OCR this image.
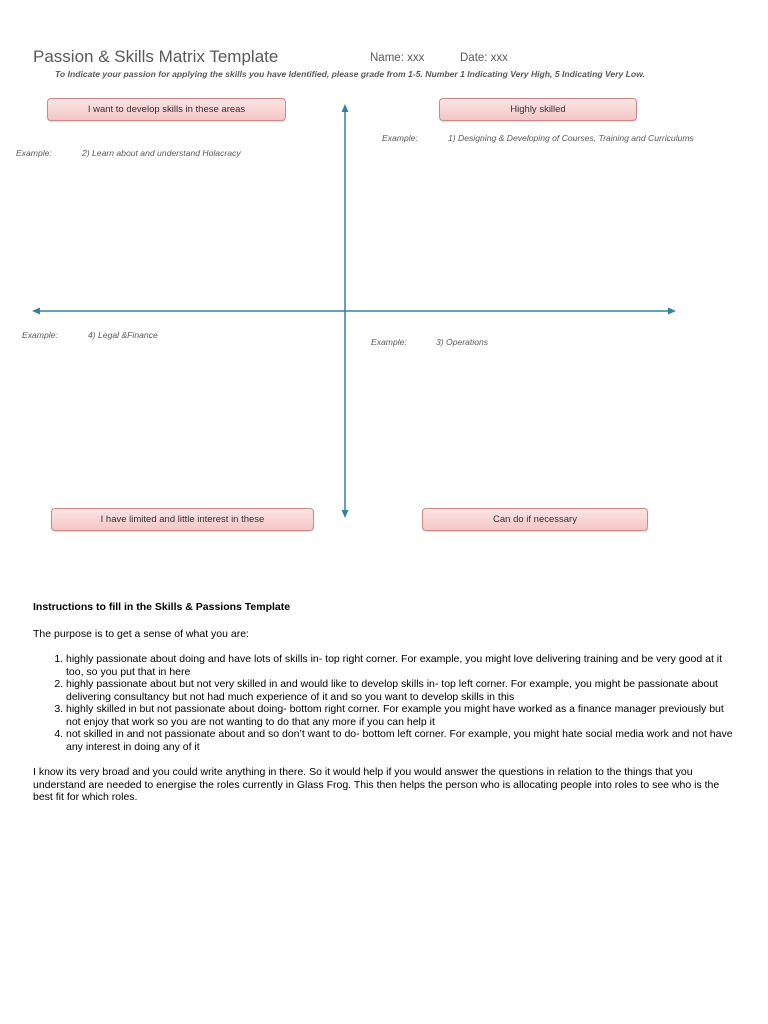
Passion & Skills Matrix Template	Name: xxx	Date: xxx
To Indicate your passion for applying the skills you have Identified, please grade from 1-5. Number 1 Indicating Very High, 5 Indicating Very Low.
I want to develop skills in these areas	Highly skilled
I have limited and little interest in these	Can do if necessary
Example:	1) Designing & Developing of Courses, Training and Curriculums
Example:	2) Learn about and understand Holacracy
Example:	3) Operations
Example:	4) Legal &Finance
Instructions to fill in the Skills & Passions Template

The purpose is to get a sense of what you are:

1. highly passionate about doing and have lots of skills in- top right corner. For example, you might love delivering training and be very good at it too, so you put that in here
2. highly passionate about but not very skilled in and would like to develop skills in- top left corner. For example, you might be passionate about delivering consultancy but not had much experience of it and so you want to develop skills in this
3. highly skilled in but not passionate about doing- bottom right corner. For example you might have worked as a finance manager previously but not enjoy that work so you are not wanting to do that any more if you can help it
4. not skilled in and not passionate about and so don’t want to do- bottom left corner. For example, you might hate social media work and not have any interest in doing any of it

I know its very broad and you could write anything in there. So it would help if you would answer the questions in relation to the things that you understand are needed to energise the roles currently in Glass Frog. This then helps the person who is allocating people into roles to see who is the best fit for which roles.
